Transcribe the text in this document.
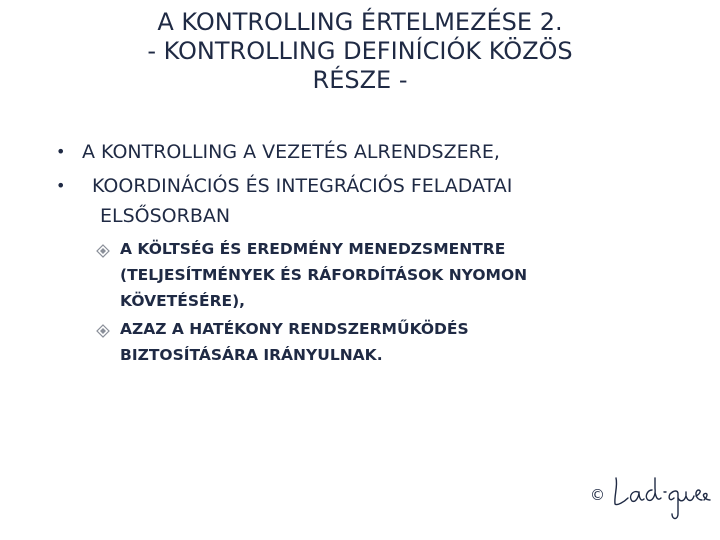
A KONTROLLING ÉRTELMEZÉSE 2.
- KONTROLLING DEFINÍCIÓK KÖZÖS
RÉSZE -
• A KONTROLLING A VEZETÉS ALRENDSZERE,
• KOORDINÁCIÓS ÉS INTEGRÁCIÓS FELADATAI
ELSŐSORBAN
A KÖLTSÉG ÉS EREDMÉNY MENEDZSMENTRE
(TELJESÍTMÉNYEK ÉS RÁFORDÍTÁSOK NYOMON
KÖVETÉSÉRE),
AZAZ A HATÉKONY RENDSZERMŰKÖDÉS
BIZTOSÍTÁSÁRA IRÁNYULNAK.
©
